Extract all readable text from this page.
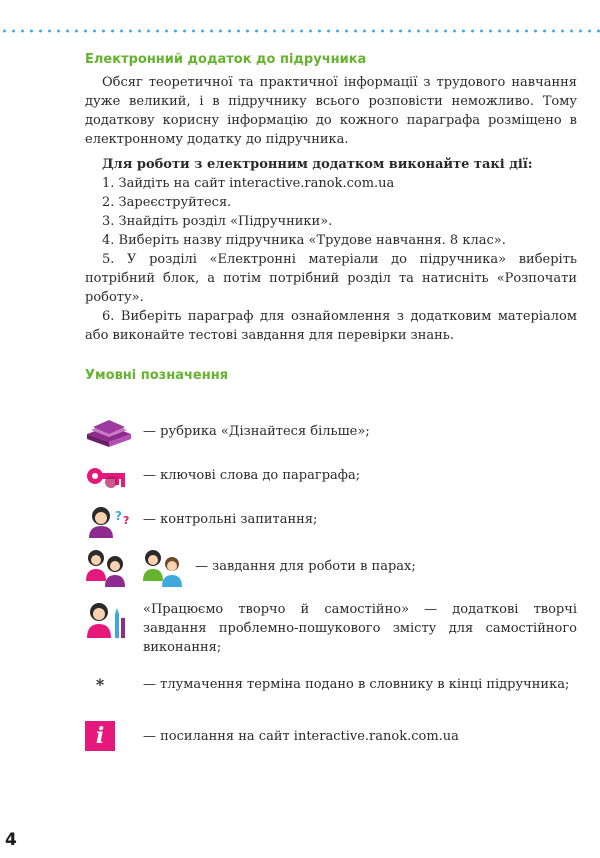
Електронний додаток до підручника

Обсяг теоретичної та практичної інформації з трудового навчання дуже великий, і в підручнику всього розповісти неможливо. Тому додаткову корисну інформацію до кожного параграфа розміщено в електронному додатку до підручника.

Для роботи з електронним додатком виконайте такі дії:

1. Зайдіть на сайт interactive.ranok.com.ua
2. Зареєструйтеся.
3. Знайдіть розділ «Підручники».
4. Виберіть назву підручника «Трудове навчання. 8 клас».
5. У розділі «Електронні матеріали до підручника» виберіть потрібний блок, а потім потрібний розділ та натисніть «Розпочати роботу».
6. Виберіть параграф для ознайомлення з додатковим матеріалом або виконайте тестові завдання для перевірки знань.
Умовні позначення
— рубрика «Дізнайтеся більше»;
— ключові слова до параграфа;
? ? — контрольні запитання;
— завдання для роботи в парах;
«Працюємо творчо й самостійно» — додаткові творчі завдання проблемно-пошукового змісту для самостійного виконання;
*	— тлумачення терміна подано в словнику в кінці підручника;
i	— посилання на сайт interactive.ranok.com.ua
4
